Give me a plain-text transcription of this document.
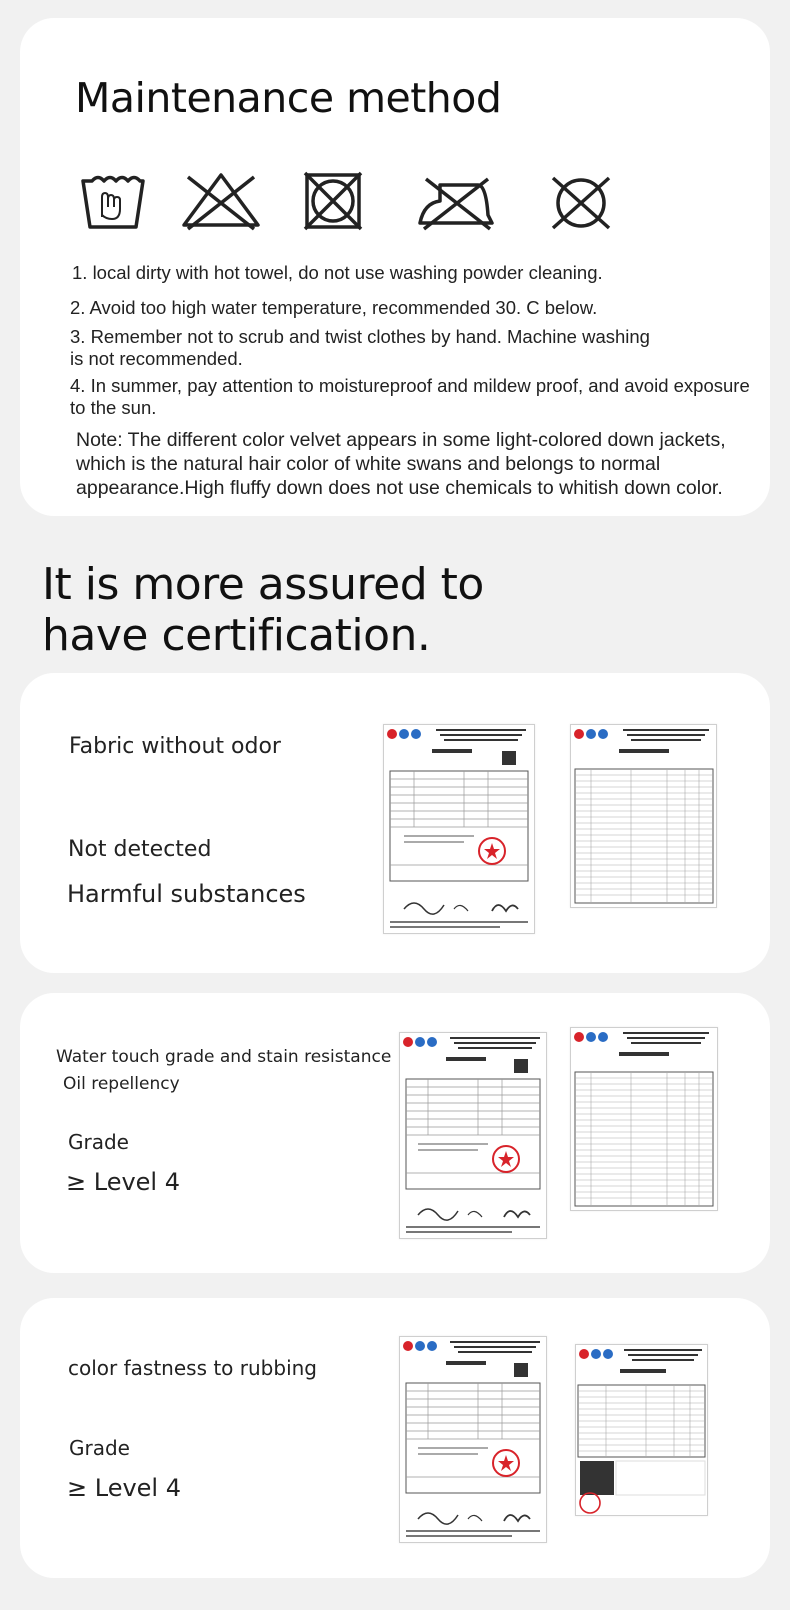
Maintenance method
1. local dirty with hot towel, do not use washing powder cleaning.
2. Avoid too high water temperature, recommended 30. C below.
3. Remember not to scrub and twist clothes by hand. Machine washing is not recommended.
4. In summer, pay attention to moistureproof and mildew proof, and avoid exposure to the sun.
Note: The different color velvet appears in some light-colored down jackets, which is the natural hair color of white swans and belongs to normal appearance.High fluffy down does not use chemicals to whitish down color.
It is more assured to have certification.
Fabric without odor
Not detected
Harmful substances
Water touch grade and stain resistance
Oil repellency
Grade
≥ Level 4
color fastness to rubbing
Grade
≥ Level 4
